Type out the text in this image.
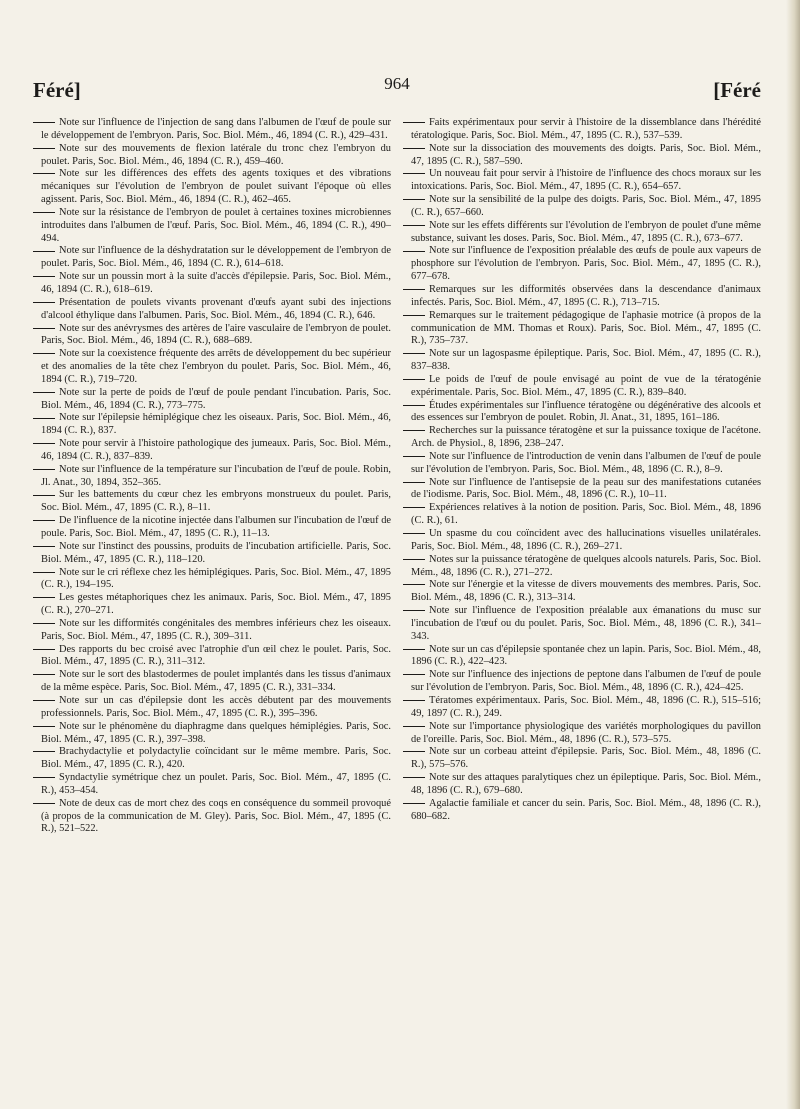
Féré]	964	[Féré

Note sur l'influence de l'injection de sang dans l'albumen de l'œuf de poule sur le développement de l'embryon. Paris, Soc. Biol. Mém., 46, 1894 (C. R.), 429–431.

Note sur des mouvements de flexion latérale du tronc chez l'embryon du poulet. Paris, Soc. Biol. Mém., 46, 1894 (C. R.), 459–460.

Note sur les différences des effets des agents toxiques et des vibrations mécaniques sur l'évolution de l'embryon de poulet suivant l'époque où elles agissent. Paris, Soc. Biol. Mém., 46, 1894 (C. R.), 462–465.

Note sur la résistance de l'embryon de poulet à certaines toxines microbiennes introduites dans l'albumen de l'œuf. Paris, Soc. Biol. Mém., 46, 1894 (C. R.), 490–494.

Note sur l'influence de la déshydratation sur le développement de l'embryon de poulet. Paris, Soc. Biol. Mém., 46, 1894 (C. R.), 614–618.

Note sur un poussin mort à la suite d'accès d'épilepsie. Paris, Soc. Biol. Mém., 46, 1894 (C. R.), 618–619.

Présentation de poulets vivants provenant d'œufs ayant subi des injections d'alcool éthylique dans l'albumen. Paris, Soc. Biol. Mém., 46, 1894 (C. R.), 646.

Note sur des anévrysmes des artères de l'aire vasculaire de l'embryon de poulet. Paris, Soc. Biol. Mém., 46, 1894 (C. R.), 688–689.

Note sur la coexistence fréquente des arrêts de développement du bec supérieur et des anomalies de la tête chez l'embryon du poulet. Paris, Soc. Biol. Mém., 46, 1894 (C. R.), 719–720.

Note sur la perte de poids de l'œuf de poule pendant l'incubation. Paris, Soc. Biol. Mém., 46, 1894 (C. R.), 773–775.

Note sur l'épilepsie hémiplégique chez les oiseaux. Paris, Soc. Biol. Mém., 46, 1894 (C. R.), 837.

Note pour servir à l'histoire pathologique des jumeaux. Paris, Soc. Biol. Mém., 46, 1894 (C. R.), 837–839.

Note sur l'influence de la température sur l'incubation de l'œuf de poule. Robin, Jl. Anat., 30, 1894, 352–365.

Sur les battements du cœur chez les embryons monstrueux du poulet. Paris, Soc. Biol. Mém., 47, 1895 (C. R.), 8–11.

De l'influence de la nicotine injectée dans l'albumen sur l'incubation de l'œuf de poule. Paris, Soc. Biol. Mém., 47, 1895 (C. R.), 11–13.

Note sur l'instinct des poussins, produits de l'incubation artificielle. Paris, Soc. Biol. Mém., 47, 1895 (C. R.), 118–120.

Note sur le cri réflexe chez les hémiplégiques. Paris, Soc. Biol. Mém., 47, 1895 (C. R.), 194–195.

Les gestes métaphoriques chez les animaux. Paris, Soc. Biol. Mém., 47, 1895 (C. R.), 270–271.

Note sur les difformités congénitales des membres inférieurs chez les oiseaux. Paris, Soc. Biol. Mém., 47, 1895 (C. R.), 309–311.

Des rapports du bec croisé avec l'atrophie d'un œil chez le poulet. Paris, Soc. Biol. Mém., 47, 1895 (C. R.), 311–312.

Note sur le sort des blastodermes de poulet implantés dans les tissus d'animaux de la même espèce. Paris, Soc. Biol. Mém., 47, 1895 (C. R.), 331–334.

Note sur un cas d'épilepsie dont les accès débutent par des mouvements professionnels. Paris, Soc. Biol. Mém., 47, 1895 (C. R.), 395–396.

Note sur le phénomène du diaphragme dans quelques hémiplégies. Paris, Soc. Biol. Mém., 47, 1895 (C. R.), 397–398.

Brachydactylie et polydactylie coïncidant sur le même membre. Paris, Soc. Biol. Mém., 47, 1895 (C. R.), 420.

Syndactylie symétrique chez un poulet. Paris, Soc. Biol. Mém., 47, 1895 (C. R.), 453–454.

Note de deux cas de mort chez des coqs en conséquence du sommeil provoqué (à propos de la communication de M. Gley). Paris, Soc. Biol. Mém., 47, 1895 (C. R.), 521–522.

Faits expérimentaux pour servir à l'histoire de la dissemblance dans l'hérédité tératologique. Paris, Soc. Biol. Mém., 47, 1895 (C. R.), 537–539.

Note sur la dissociation des mouvements des doigts. Paris, Soc. Biol. Mém., 47, 1895 (C. R.), 587–590.

Un nouveau fait pour servir à l'histoire de l'influence des chocs moraux sur les intoxications. Paris, Soc. Biol. Mém., 47, 1895 (C. R.), 654–657.

Note sur la sensibilité de la pulpe des doigts. Paris, Soc. Biol. Mém., 47, 1895 (C. R.), 657–660.

Note sur les effets différents sur l'évolution de l'embryon de poulet d'une même substance, suivant les doses. Paris, Soc. Biol. Mém., 47, 1895 (C. R.), 673–677.

Note sur l'influence de l'exposition préalable des œufs de poule aux vapeurs de phosphore sur l'évolution de l'embryon. Paris, Soc. Biol. Mém., 47, 1895 (C. R.), 677–678.

Remarques sur les difformités observées dans la descendance d'animaux infectés. Paris, Soc. Biol. Mém., 47, 1895 (C. R.), 713–715.

Remarques sur le traitement pédagogique de l'aphasie motrice (à propos de la communication de MM. Thomas et Roux). Paris, Soc. Biol. Mém., 47, 1895 (C. R.), 735–737.

Note sur un lagospasme épileptique. Paris, Soc. Biol. Mém., 47, 1895 (C. R.), 837–838.

Le poids de l'œuf de poule envisagé au point de vue de la tératogénie expérimentale. Paris, Soc. Biol. Mém., 47, 1895 (C. R.), 839–840.

Études expérimentales sur l'influence tératogène ou dégénérative des alcools et des essences sur l'embryon de poulet. Robin, Jl. Anat., 31, 1895, 161–186.

Recherches sur la puissance tératogène et sur la puissance toxique de l'acétone. Arch. de Physiol., 8, 1896, 238–247.

Note sur l'influence de l'introduction de venin dans l'albumen de l'œuf de poule sur l'évolution de l'embryon. Paris, Soc. Biol. Mém., 48, 1896 (C. R.), 8–9.

Note sur l'influence de l'antisepsie de la peau sur des manifestations cutanées de l'iodisme. Paris, Soc. Biol. Mém., 48, 1896 (C. R.), 10–11.

Expériences relatives à la notion de position. Paris, Soc. Biol. Mém., 48, 1896 (C. R.), 61.

Un spasme du cou coïncident avec des hallucinations visuelles unilatérales. Paris, Soc. Biol. Mém., 48, 1896 (C. R.), 269–271.

Notes sur la puissance tératogène de quelques alcools naturels. Paris, Soc. Biol. Mém., 48, 1896 (C. R.), 271–272.

Note sur l'énergie et la vitesse de divers mouvements des membres. Paris, Soc. Biol. Mém., 48, 1896 (C. R.), 313–314.

Note sur l'influence de l'exposition préalable aux émanations du musc sur l'incubation de l'œuf ou du poulet. Paris, Soc. Biol. Mém., 48, 1896 (C. R.), 341–343.

Note sur un cas d'épilepsie spontanée chez un lapin. Paris, Soc. Biol. Mém., 48, 1896 (C. R.), 422–423.

Note sur l'influence des injections de peptone dans l'albumen de l'œuf de poule sur l'évolution de l'embryon. Paris, Soc. Biol. Mém., 48, 1896 (C. R.), 424–425.

Tératomes expérimentaux. Paris, Soc. Biol. Mém., 48, 1896 (C. R.), 515–516; 49, 1897 (C. R.), 249.

Note sur l'importance physiologique des variétés morphologiques du pavillon de l'oreille. Paris, Soc. Biol. Mém., 48, 1896 (C. R.), 573–575.

Note sur un corbeau atteint d'épilepsie. Paris, Soc. Biol. Mém., 48, 1896 (C. R.), 575–576.

Note sur des attaques paralytiques chez un épileptique. Paris, Soc. Biol. Mém., 48, 1896 (C. R.), 679–680.

Agalactie familiale et cancer du sein. Paris, Soc. Biol. Mém., 48, 1896 (C. R.), 680–682.
